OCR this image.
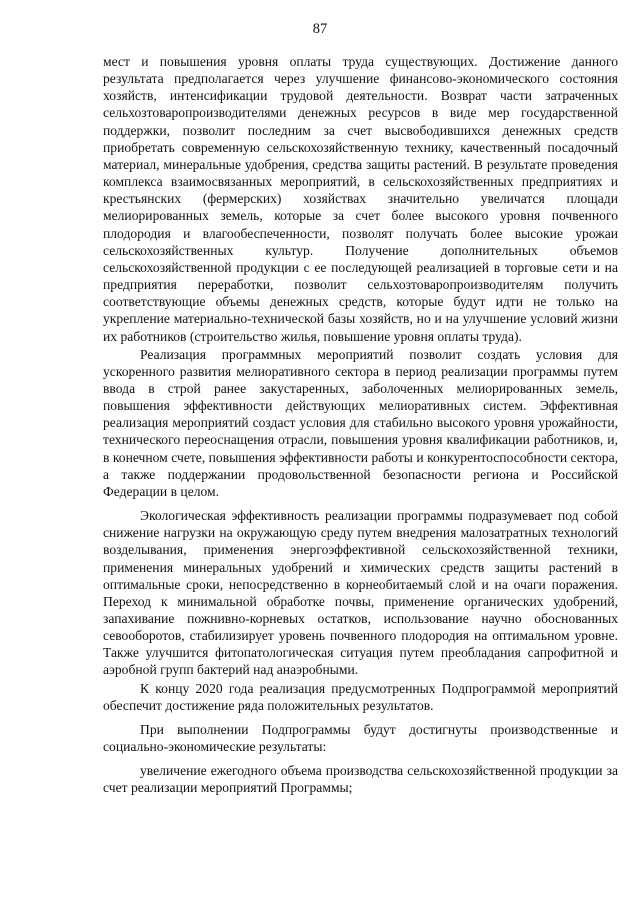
87

мест и повышения уровня оплаты труда существующих. Достижение данного результата предполагается через улучшение финансово-экономического состояния хозяйств, интенсификации трудовой деятельности. Возврат части затраченных сельхозтоваропроизводителями денежных ресурсов в виде мер государственной поддержки, позволит последним за счет высвободившихся денежных средств приобретать современную сельскохозяйственную технику, качественный посадочный материал, минеральные удобрения, средства защиты растений. В результате проведения комплекса взаимосвязанных мероприятий, в сельскохозяйственных предприятиях и крестьянских (фермерских) хозяйствах значительно увеличатся площади мелиорированных земель, которые за счет более высокого уровня почвенного плодородия и влагообеспеченности, позволят получать более высокие урожаи сельскохозяйственных культур. Получение дополнительных объемов сельскохозяйственной продукции с ее последующей реализацией в торговые сети и на предприятия переработки, позволит сельхозтоваропроизводителям получить соответствующие объемы денежных средств, которые будут идти не только на укрепление материально-технической базы хозяйств, но и на улучшение условий жизни их работников (строительство жилья, повышение уровня оплаты труда).

Реализация программных мероприятий позволит создать условия для ускоренного развития мелиоративного сектора в период реализации программы путем ввода в строй ранее закустаренных, заболоченных мелиорированных земель, повышения эффективности действующих мелиоративных систем. Эффективная реализация мероприятий создаст условия для стабильно высокого уровня урожайности, технического переоснащения отрасли, повышения уровня квалификации работников, и, в конечном счете, повышения эффективности работы и конкурентоспособности сектора, а также поддержании продовольственной безопасности региона и Российской Федерации в целом.

Экологическая эффективность реализации программы подразумевает под собой снижение нагрузки на окружающую среду путем внедрения малозатратных технологий возделывания, применения энергоэффективной сельскохозяйственной техники, применения минеральных удобрений и химических средств защиты растений в оптимальные сроки, непосредственно в корнеобитаемый слой и на очаги поражения. Переход к минимальной обработке почвы, применение органических удобрений, запахивание пожнивно-корневых остатков, использование научно обоснованных севооборотов, стабилизирует уровень почвенного плодородия на оптимальном уровне. Также улучшится фитопатологическая ситуация путем преобладания сапрофитной и аэробной групп бактерий над анаэробными.

К концу 2020 года реализация предусмотренных Подпрограммой мероприятий обеспечит достижение ряда положительных результатов.

При выполнении Подпрограммы будут достигнуты производственные и социально-экономические результаты:

увеличение ежегодного объема производства сельскохозяйственной продукции за счет реализации мероприятий Программы;
